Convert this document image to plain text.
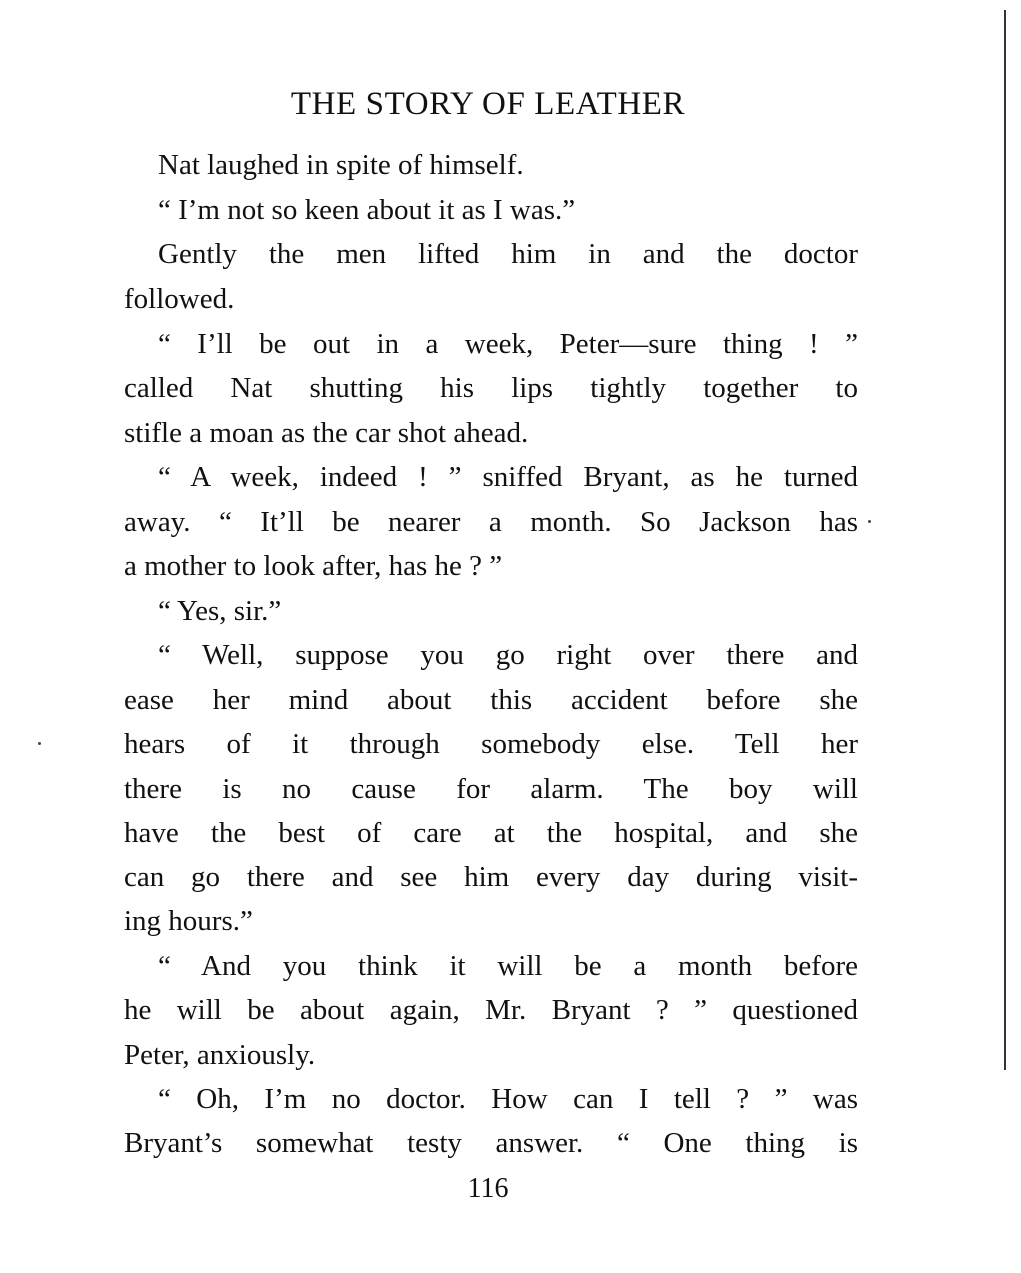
THE STORY OF LEATHER
Nat laughed in spite of himself.
“ I’m not so keen about it as I was.”
Gently the men lifted him in and the doctor
followed.
“ I’ll be out in a week, Peter—sure thing ! ”
called Nat shutting his lips tightly together to
stifle a moan as the car shot ahead.
“ A week, indeed ! ” sniffed Bryant, as he turned
away. “ It’ll be nearer a month. So Jackson has
a mother to look after, has he ? ”
“ Yes, sir.”
“ Well, suppose you go right over there and
ease her mind about this accident before she
hears of it through somebody else. Tell her
there is no cause for alarm. The boy will
have the best of care at the hospital, and she
can go there and see him every day during visit-
ing hours.”
“ And you think it will be a month before
he will be about again, Mr. Bryant ? ” questioned
Peter, anxiously.
“ Oh, I’m no doctor. How can I tell ? ” was
Bryant’s somewhat testy answer. “ One thing is
116
